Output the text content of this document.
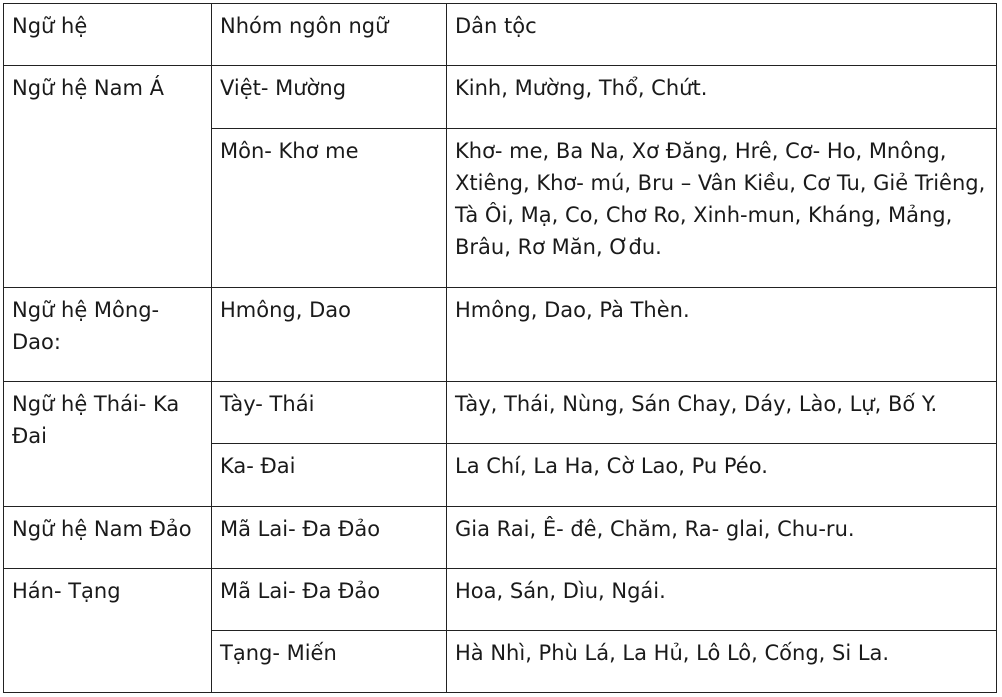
Ngữ hệ	Nhóm ngôn ngữ	Dân tộc
Ngữ hệ Nam Á	Việt- Mường	Kinh, Mường, Thổ, Chứt.
	Môn- Khơ me	Khơ- me, Ba Na, Xơ Đăng, Hrê, Cơ- Ho, Mnông, Xtiêng, Khơ- mú, Bru – Vân Kiều, Cơ Tu, Giẻ Triêng, Tà Ôi, Mạ, Co, Chơ Ro, Xinh-mun, Kháng, Mảng, Brâu, Rơ Măn, Ơđu.
Ngữ hệ Mông-Dao:	Hmông, Dao	Hmông, Dao, Pà Thèn.
Ngữ hệ Thái- Ka Đai	Tày- Thái	Tày, Thái, Nùng, Sán Chay, Dáy, Lào, Lự, Bố Y.
	Ka- Đai	La Chí, La Ha, Cờ Lao, Pu Péo.
Ngữ hệ Nam Đảo	Mã Lai- Đa Đảo	Gia Rai, Ê- đê, Chăm, Ra- glai, Chu-ru.
Hán- Tạng	Mã Lai- Đa Đảo	Hoa, Sán, Dìu, Ngái.
	Tạng- Miến	Hà Nhì, Phù Lá, La Hủ, Lô Lô, Cống, Si La.
